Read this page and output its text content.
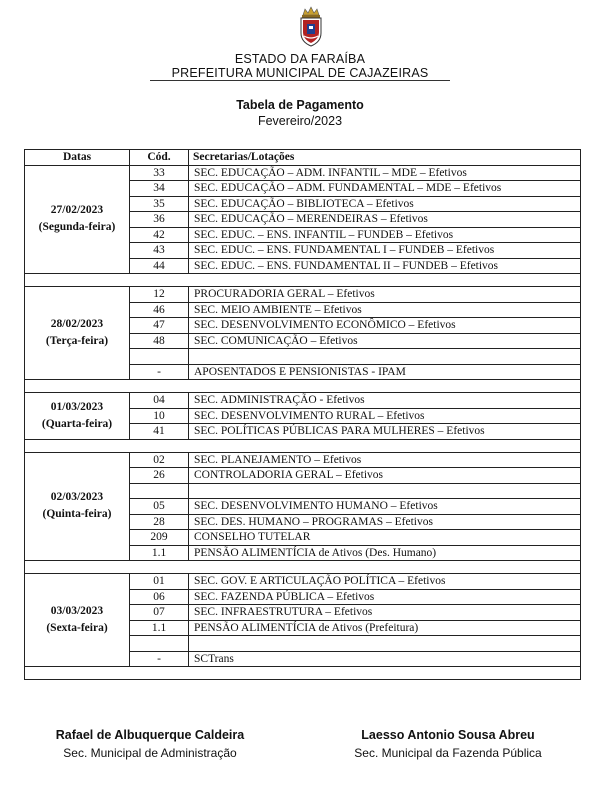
ESTADO DA FARAÍBA
PREFEITURA MUNICIPAL DE CAJAZEIRAS
Tabela de Pagamento
Fevereiro/2023
Datas	Cód.	Secretarias/Lotações

27/02/2023
(Segunda-feira)	33	SEC. EDUCAÇÃO – ADM. INFANTIL – MDE – Efetivos
	34	SEC. EDUCAÇÃO – ADM. FUNDAMENTAL – MDE – Efetivos
	35	SEC. EDUCAÇÃO – BIBLIOTECA – Efetivos
	36	SEC. EDUCAÇÃO – MERENDEIRAS – Efetivos
	42	SEC. EDUC. – ENS. INFANTIL – FUNDEB – Efetivos
	43	SEC. EDUC. – ENS. FUNDAMENTAL I – FUNDEB – Efetivos
	44	SEC. EDUC. – ENS. FUNDAMENTAL II – FUNDEB – Efetivos

28/02/2023
(Terça-feira)	12	PROCURADORIA GERAL – Efetivos
	46	SEC. MEIO AMBIENTE – Efetivos
	47	SEC. DESENVOLVIMENTO ECONÔMICO – Efetivos
	48	SEC. COMUNICAÇÃO – Efetivos

	-	APOSENTADOS E PENSIONISTAS - IPAM

01/03/2023
(Quarta-feira)	04	SEC. ADMINISTRAÇÃO - Efetivos
	10	SEC. DESENVOLVIMENTO RURAL – Efetivos
	41	SEC. POLÍTICAS PÚBLICAS PARA MULHERES – Efetivos

02/03/2023
(Quinta-feira)	02	SEC. PLANEJAMENTO – Efetivos
	26	CONTROLADORIA GERAL – Efetivos

	05	SEC. DESENVOLVIMENTO HUMANO – Efetivos
	28	SEC. DES. HUMANO – PROGRAMAS – Efetivos
	209	CONSELHO TUTELAR
	1.1	PENSÃO ALIMENTÍCIA de Ativos (Des. Humano)

03/03/2023
(Sexta-feira)	01	SEC. GOV. E ARTICULAÇÃO POLÍTICA – Efetivos
	06	SEC. FAZENDA PÚBLICA – Efetivos
	07	SEC. INFRAESTRUTURA – Efetivos
	1.1	PENSÃO ALIMENTÍCIA de Ativos (Prefeitura)

	-	SCTrans

Rafael de Albuquerque Caldeira
Sec. Municipal de Administração
Laesso Antonio Sousa Abreu
Sec. Municipal da Fazenda Pública
